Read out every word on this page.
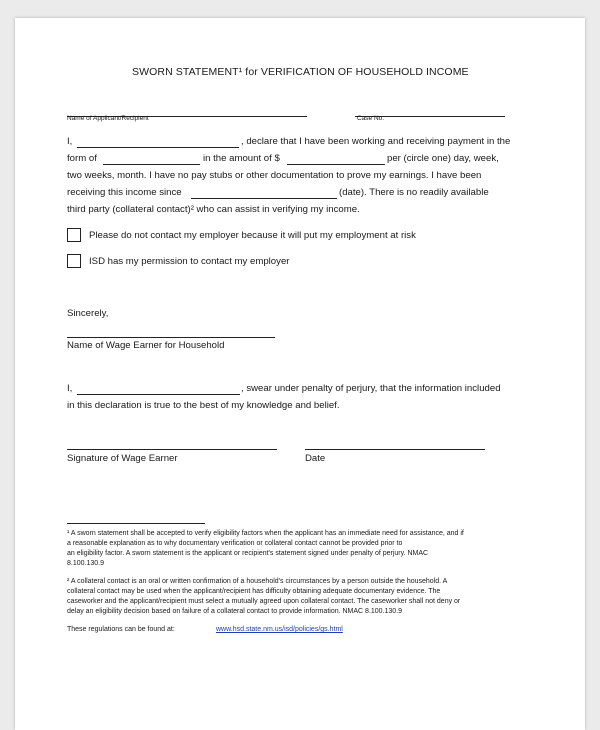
SWORN STATEMENT¹ for VERIFICATION OF HOUSEHOLD INCOME
Name of Applicant/Recipient	Case No.
I,	, declare that I have been working and receiving payment in the
form of	in the amount of $	per (circle one) day, week,
two weeks, month. I have no pay stubs or other documentation to prove my earnings. I have been
receiving this income since	(date). There is no readily available
third party (collateral contact)² who can assist in verifying my income.
Please do not contact my employer because it will put my employment at risk
ISD has my permission to contact my employer
Sincerely,
Name of Wage Earner for Household
I,	, swear under penalty of perjury, that the information included
in this declaration is true to the best of my knowledge and belief.
Signature of Wage Earner	Date
¹ A sworn statement shall be accepted to verify eligibility factors when the applicant has an immediate need for assistance, and if
a reasonable explanation as to why documentary verification or collateral contact cannot be provided prior to
an eligibility factor. A sworn statement is the applicant or recipient's statement signed under penalty of perjury. NMAC
8.100.130.9
² A collateral contact is an oral or written confirmation of a household's circumstances by a person outside the household. A
collateral contact may be used when the applicant/recipient has difficulty obtaining adequate documentary evidence. The
caseworker and the applicant/recipient must select a mutually agreed upon collateral contact. The caseworker shall not deny or
delay an eligibility decision based on failure of a collateral contact to provide information. NMAC 8.100.130.9
These regulations can be found at:	www.hsd.state.nm.us/isd/policies/gs.html
